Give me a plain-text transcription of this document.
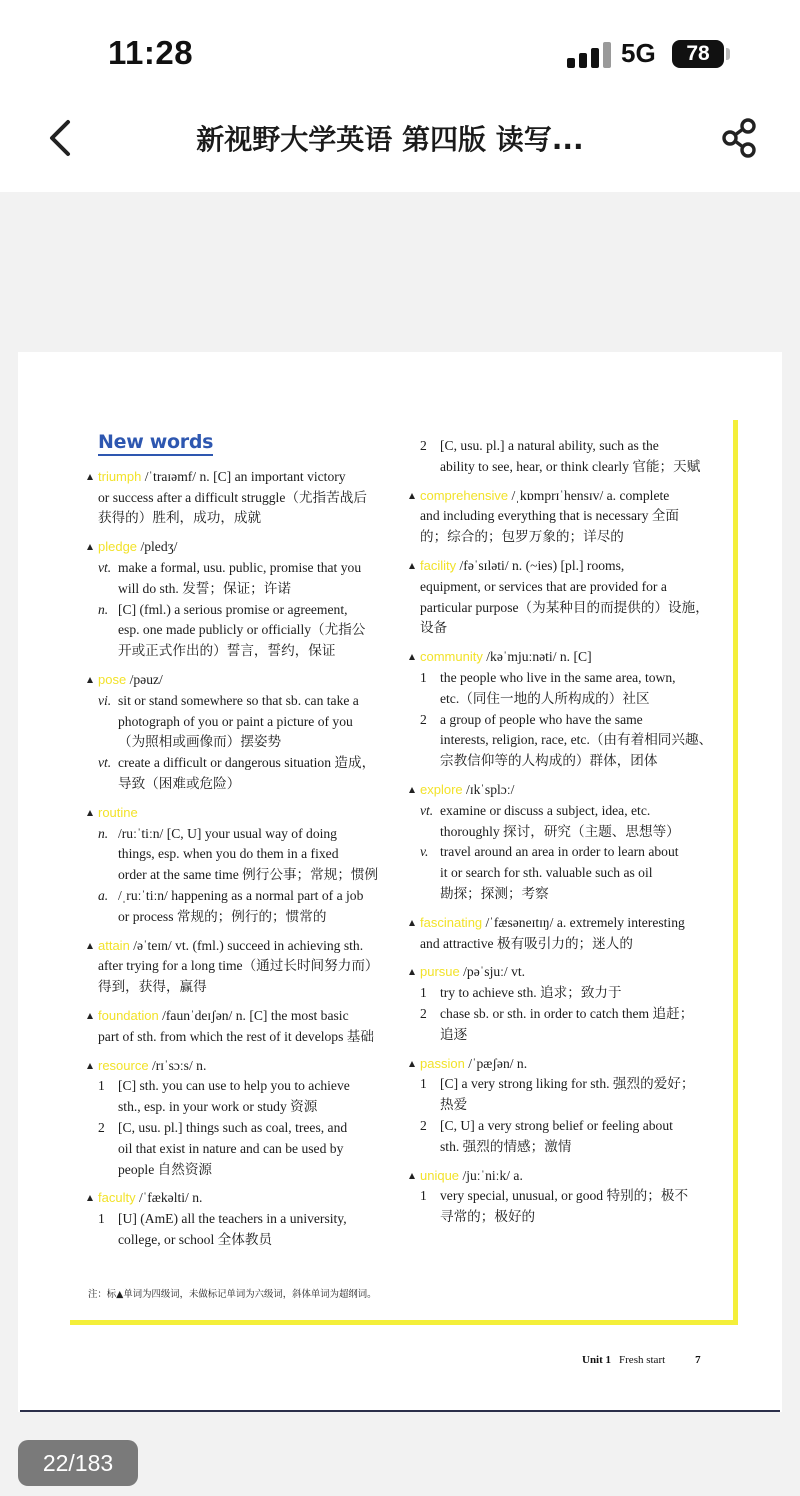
11:28	5G	78
新视野大学英语 第四版 读写...
New words
triumph /ˈtraɪəmf/ n. [C] an important victory
or success after a difficult struggle（尤指苦战后
获得的）胜利，成功，成就
pledge /pledʒ/
vt. make a formal, usu. public, promise that you
will do sth. 发誓；保证；许诺
n. [C] (fml.) a serious promise or agreement,
esp. one made publicly or officially（尤指公
开或正式作出的）誓言，誓约，保证
pose /pəuz/
vi. sit or stand somewhere so that sb. can take a
photograph of you or paint a picture of you
（为照相或画像而）摆姿势
vt. create a difficult or dangerous situation 造成，
导致（困难或危险）
routine
n. /ruːˈtiːn/ [C, U] your usual way of doing
things, esp. when you do them in a fixed
order at the same time 例行公事；常规；惯例
a. /ˌruːˈtiːn/ happening as a normal part of a job
or process 常规的；例行的；惯常的
attain /əˈteɪn/ vt. (fml.) succeed in achieving sth.
after trying for a long time（通过长时间努力而）
得到，获得，赢得
foundation /faunˈdeɪʃən/ n. [C] the most basic
part of sth. from which the rest of it develops 基础
resource /rɪˈsɔːs/ n.
1 [C] sth. you can use to help you to achieve
sth., esp. in your work or study 资源
2 [C, usu. pl.] things such as coal, trees, and
oil that exist in nature and can be used by
people 自然资源
faculty /ˈfækəlti/ n.
1 [U] (AmE) all the teachers in a university,
college, or school 全体教员
2 [C, usu. pl.] a natural ability, such as the
ability to see, hear, or think clearly 官能；天赋
comprehensive /ˌkɒmprɪˈhensɪv/ a. complete
and including everything that is necessary 全面
的；综合的；包罗万象的；详尽的
facility /fəˈsɪləti/ n. (~ies) [pl.] rooms,
equipment, or services that are provided for a
particular purpose（为某种目的而提供的）设施，
设备
community /kəˈmjuːnəti/ n. [C]
1 the people who live in the same area, town,
etc.（同住一地的人所构成的）社区
2 a group of people who have the same
interests, religion, race, etc.（由有着相同兴趣、
宗教信仰等的人构成的）群体，团体
explore /ɪkˈsplɔː/
vt. examine or discuss a subject, idea, etc.
thoroughly 探讨，研究（主题、思想等）
v. travel around an area in order to learn about
it or search for sth. valuable such as oil
勘探；探测；考察
fascinating /ˈfæsəneɪtɪŋ/ a. extremely interesting
and attractive 极有吸引力的；迷人的
pursue /pəˈsjuː/ vt.
1 try to achieve sth. 追求；致力于
2 chase sb. or sth. in order to catch them 追赶；
追逐
passion /ˈpæʃən/ n.
1 [C] a very strong liking for sth. 强烈的爱好；
热爱
2 [C, U] a very strong belief or feeling about
sth. 强烈的情感；激情
unique /juːˈniːk/ a.
1 very special, unusual, or good 特别的；极不
寻常的；极好的
注：标▲单词为四级词，未做标记单词为六级词，斜体单词为超纲词。
Unit 1 Fresh start	7
22/183
